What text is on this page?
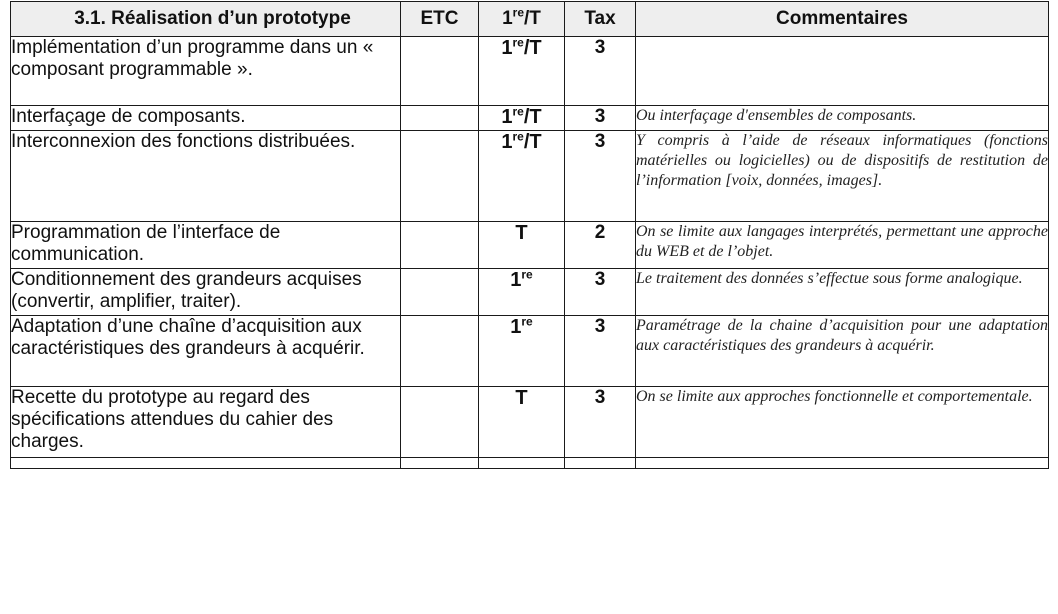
3.1. Réalisation d’un prototype	ETC	1re/T	Tax	Commentaires
Implémentation d’un programme dans un « composant programmable ».		1re/T	3	
Interfaçage de composants.		1re/T	3	Ou interfaçage d'ensembles de composants.
Interconnexion des fonctions distribuées.		1re/T	3	Y compris à l’aide de réseaux informatiques (fonctions matérielles ou logicielles) ou de dispositifs de restitution de l’information [voix, données, images].
Programmation de l’interface de communication.		T	2	On se limite aux langages interprétés, permettant une approche du WEB et de l’objet.
Conditionnement des grandeurs acquises (convertir, amplifier, traiter).		1re	3	Le traitement des données s’effectue sous forme analogique.
Adaptation d’une chaîne d’acquisition aux caractéristiques des grandeurs à acquérir.		1re	3	Paramétrage de la chaine d’acquisition pour une adaptation aux caractéristiques des grandeurs à acquérir.
Recette du prototype au regard des spécifications attendues du cahier des charges.		T	3	On se limite aux approches fonctionnelle et comportementale.
